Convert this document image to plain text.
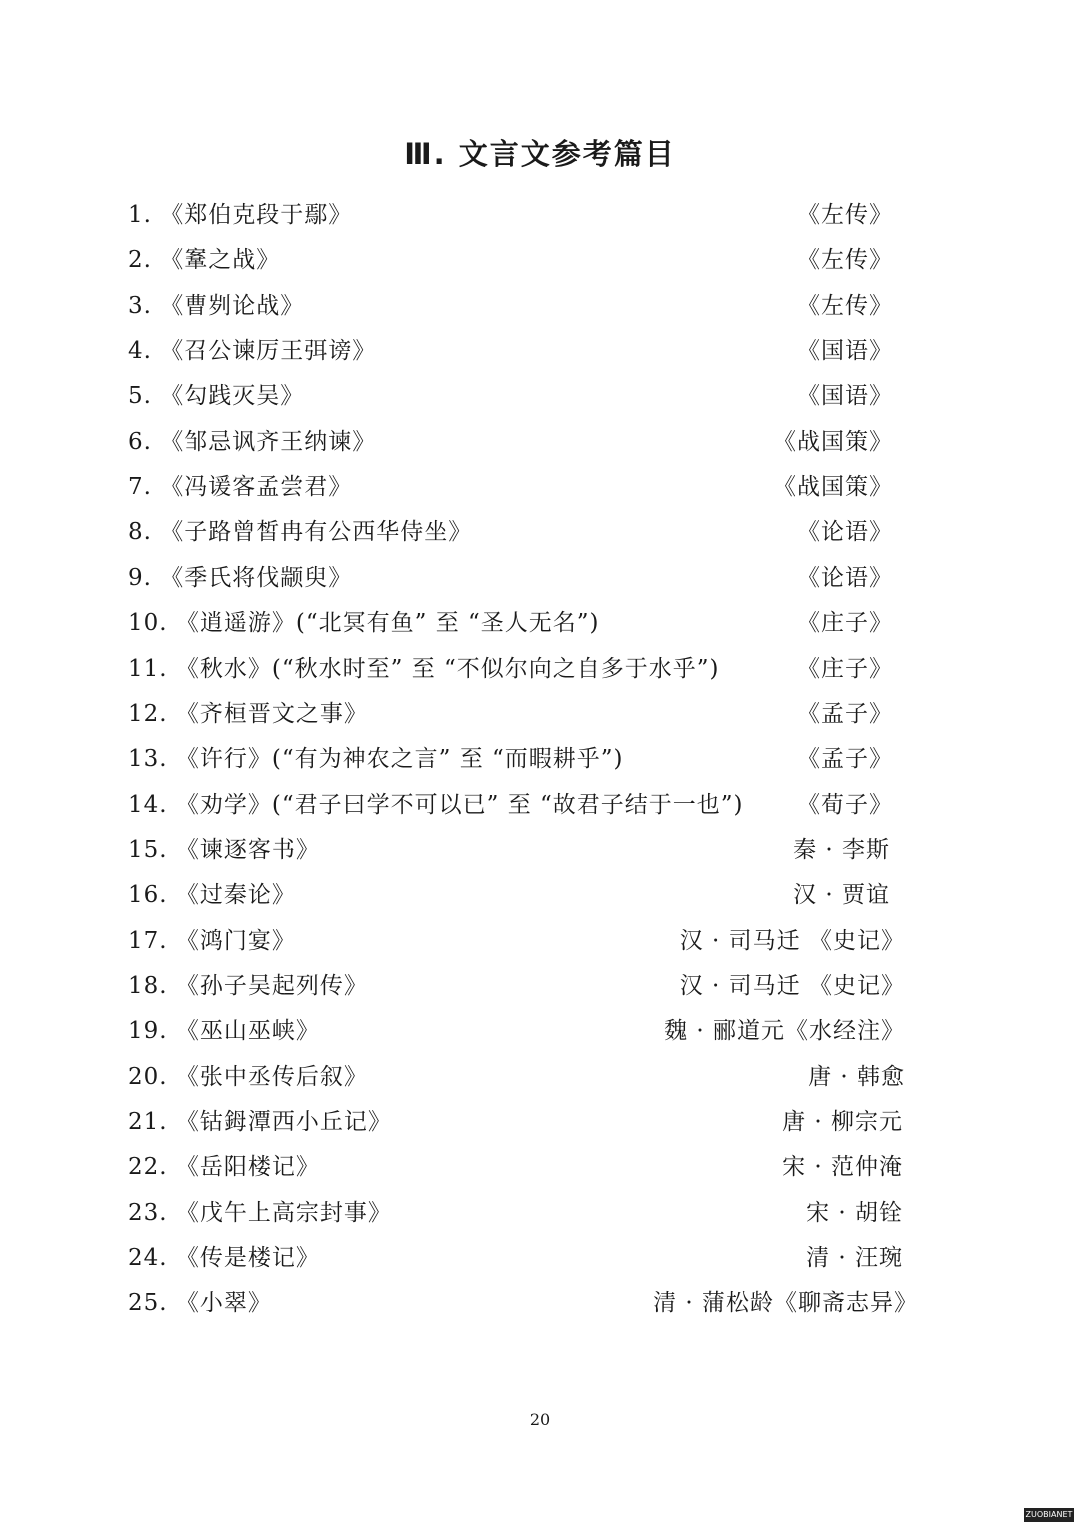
Ⅲ. 文言文参考篇目
1. 《郑伯克段于鄢》	《左传》
2. 《鞌之战》	《左传》
3. 《曹刿论战》	《左传》
4. 《召公谏厉王弭谤》	《国语》
5. 《勾践灭吴》	《国语》
6. 《邹忌讽齐王纳谏》	《战国策》
7. 《冯谖客孟尝君》	《战国策》
8. 《子路曾皙冉有公西华侍坐》	《论语》
9. 《季氏将伐颛臾》	《论语》
10. 《逍遥游》(“北冥有鱼” 至 “圣人无名”)	《庄子》
11. 《秋水》(“秋水时至” 至 “不似尔向之自多于水乎”)	《庄子》
12. 《齐桓晋文之事》	《孟子》
13. 《许行》(“有为神农之言” 至 “而暇耕乎”)	《孟子》
14. 《劝学》(“君子曰学不可以已” 至 “故君子结于一也”) 《荀子》
15. 《谏逐客书》	秦 · 李斯
16. 《过秦论》	汉 · 贾谊
17. 《鸿门宴》	汉 · 司马迁 《史记》
18. 《孙子吴起列传》	汉 · 司马迁 《史记》
19. 《巫山巫峡》	魏 · 郦道元《水经注》
20. 《张中丞传后叙》	唐 · 韩愈
21. 《钴鉧潭西小丘记》	唐 · 柳宗元
22. 《岳阳楼记》	宋 · 范仲淹
23. 《戊午上高宗封事》	宋 · 胡铨
24. 《传是楼记》	清 · 汪琬
25. 《小翠》	清 · 蒲松龄《聊斋志异》
20
ZUOBIANET
